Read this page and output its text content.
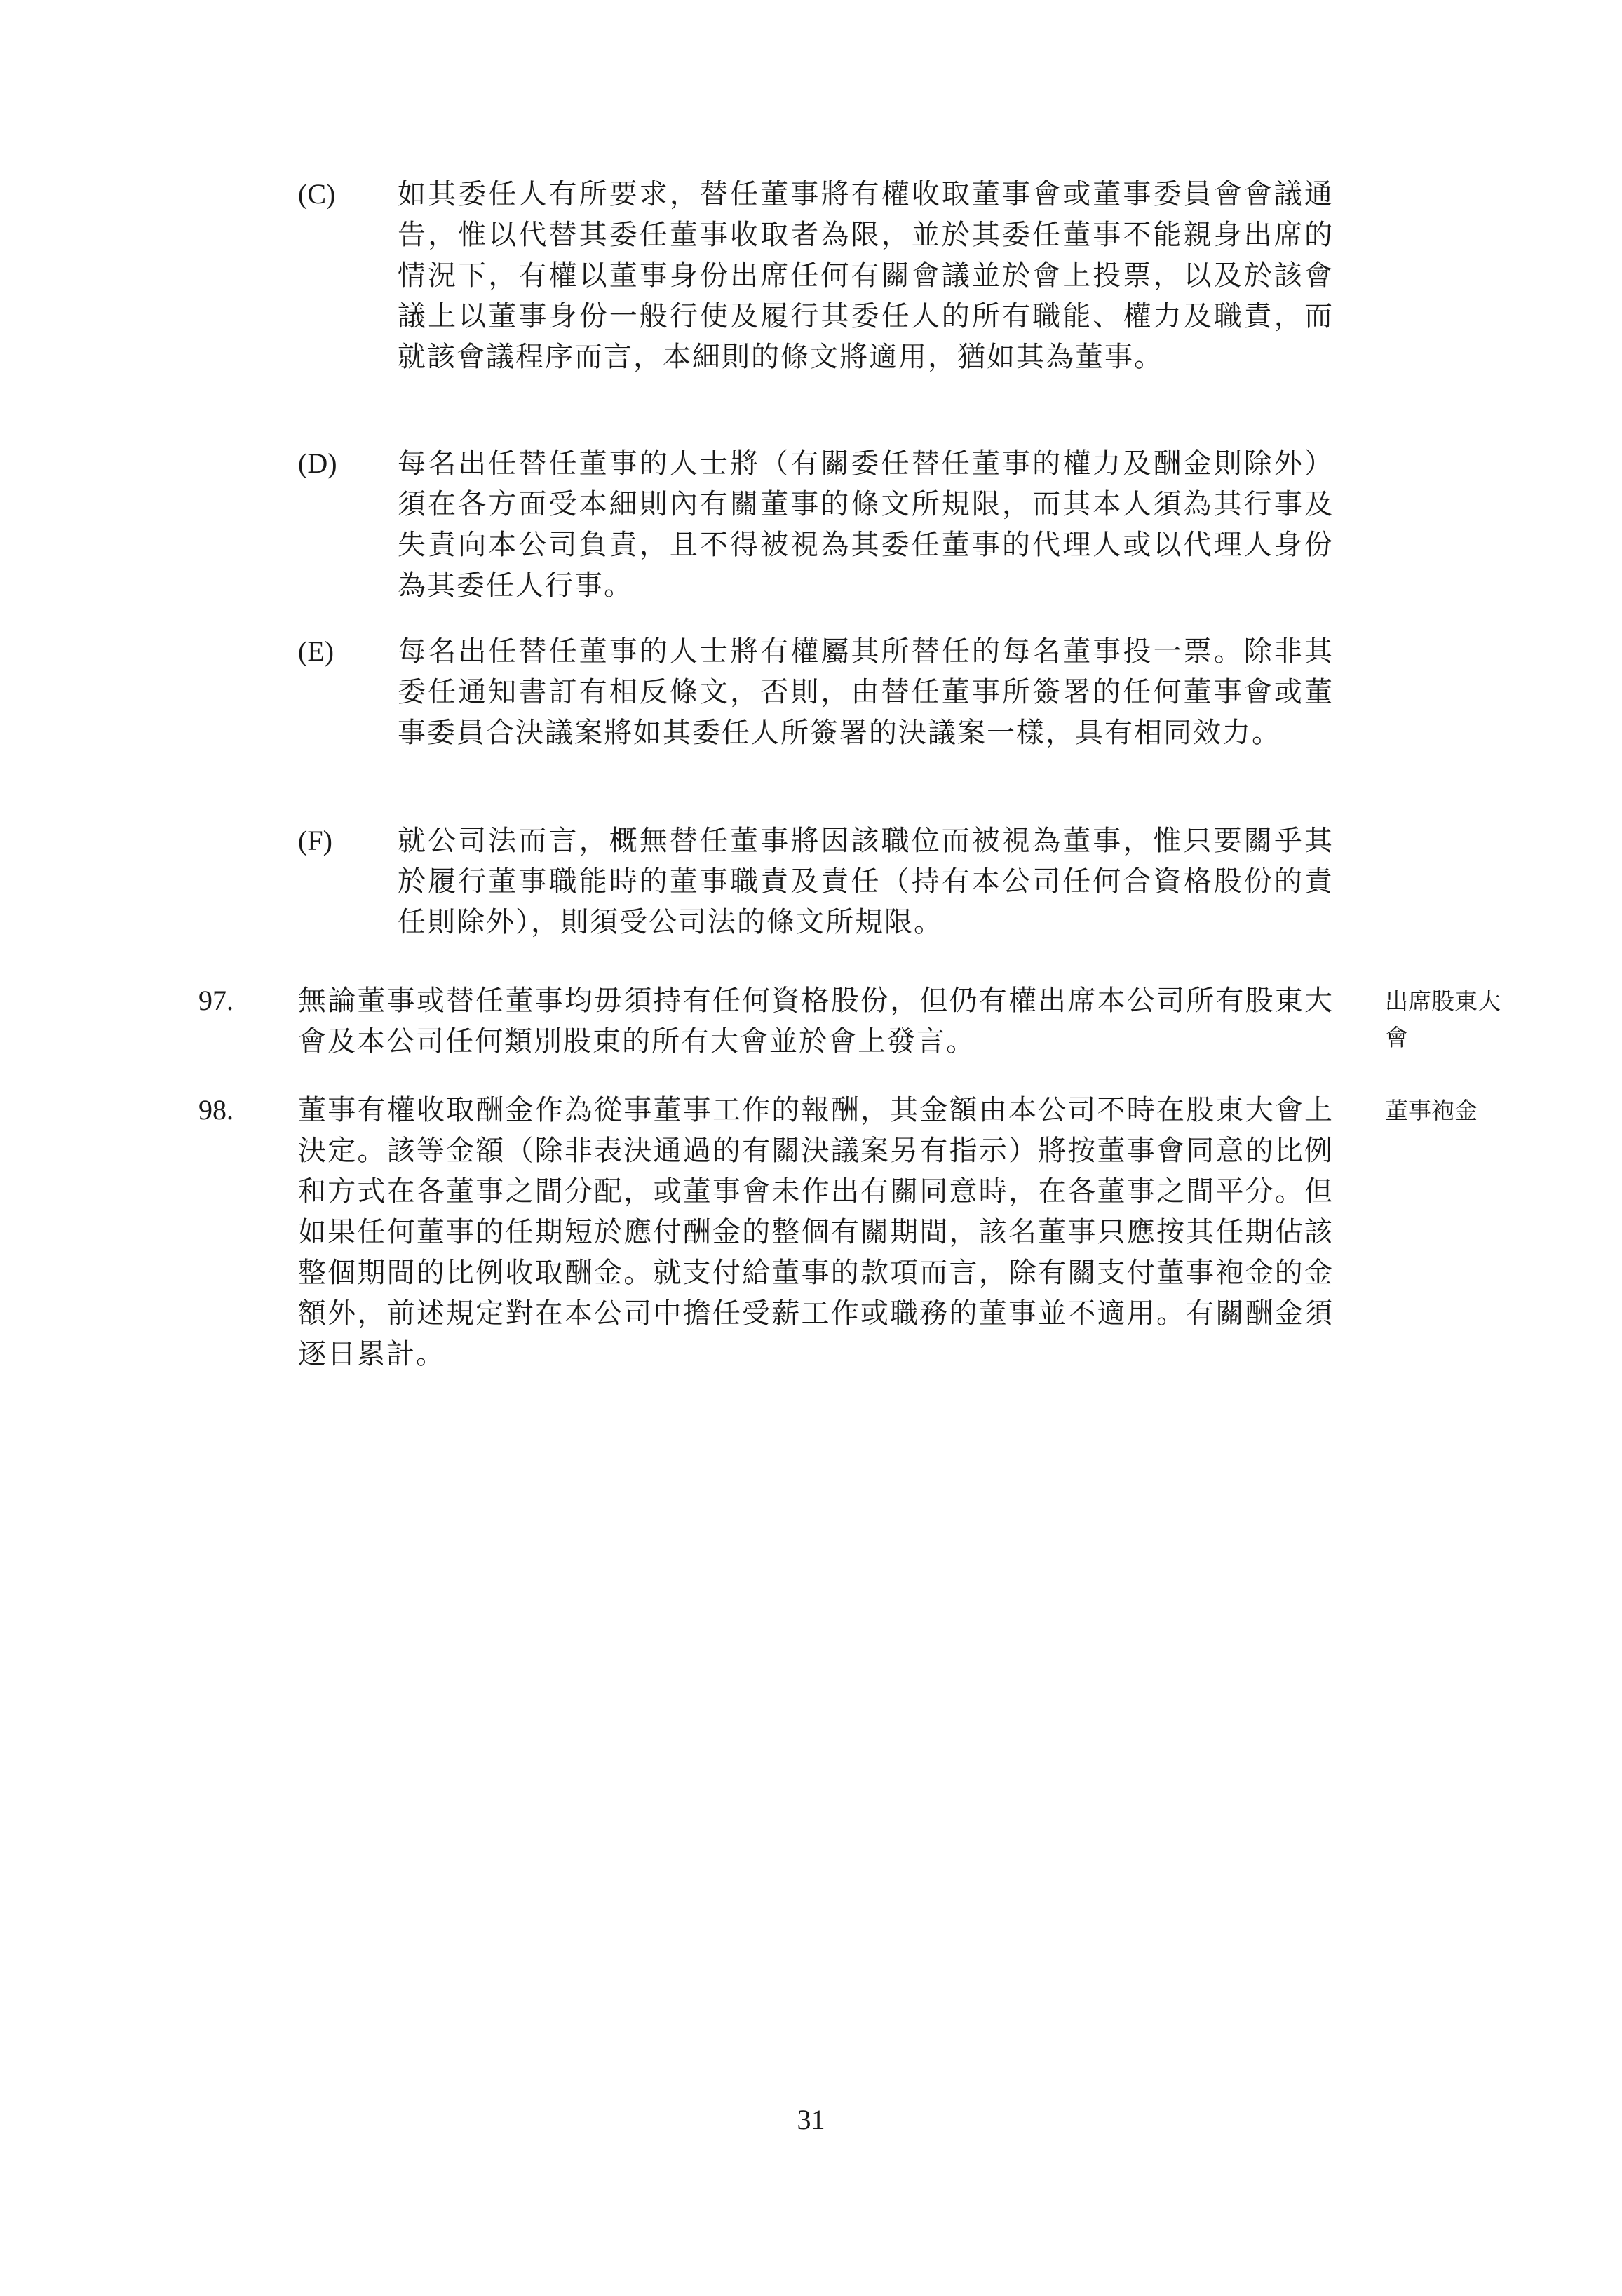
(C) 如其委任人有所要求，替任董事將有權收取董事會或董事委員會會議通告，惟以代替其委任董事收取者為限，並於其委任董事不能親身出席的情況下，有權以董事身份出席任何有關會議並於會上投票，以及於該會議上以董事身份一般行使及履行其委任人的所有職能、權力及職責，而就該會議程序而言，本細則的條文將適用，猶如其為董事。
(D) 每名出任替任董事的人士將（有關委任替任董事的權力及酬金則除外）須在各方面受本細則內有關董事的條文所規限，而其本人須為其行事及失責向本公司負責，且不得被視為其委任董事的代理人或以代理人身份為其委任人行事。
(E) 每名出任替任董事的人士將有權屬其所替任的每名董事投一票。除非其委任通知書訂有相反條文，否則，由替任董事所簽署的任何董事會或董事委員合決議案將如其委任人所簽署的決議案一樣，具有相同效力。
(F) 就公司法而言，概無替任董事將因該職位而被視為董事，惟只要關乎其於履行董事職能時的董事職責及責任（持有本公司任何合資格股份的責任則除外），則須受公司法的條文所規限。
97. 無論董事或替任董事均毋須持有任何資格股份，但仍有權出席本公司所有股東大會及本公司任何類別股東的所有大會並於會上發言。
出席股東大會
98. 董事有權收取酬金作為從事董事工作的報酬，其金額由本公司不時在股東大會上決定。該等金額（除非表決通過的有關決議案另有指示）將按董事會同意的比例和方式在各董事之間分配，或董事會未作出有關同意時，在各董事之間平分。但如果任何董事的任期短於應付酬金的整個有關期間，該名董事只應按其任期佔該整個期間的比例收取酬金。就支付給董事的款項而言，除有關支付董事袍金的金額外，前述規定對在本公司中擔任受薪工作或職務的董事並不適用。有關酬金須逐日累計。
董事袍金
31
